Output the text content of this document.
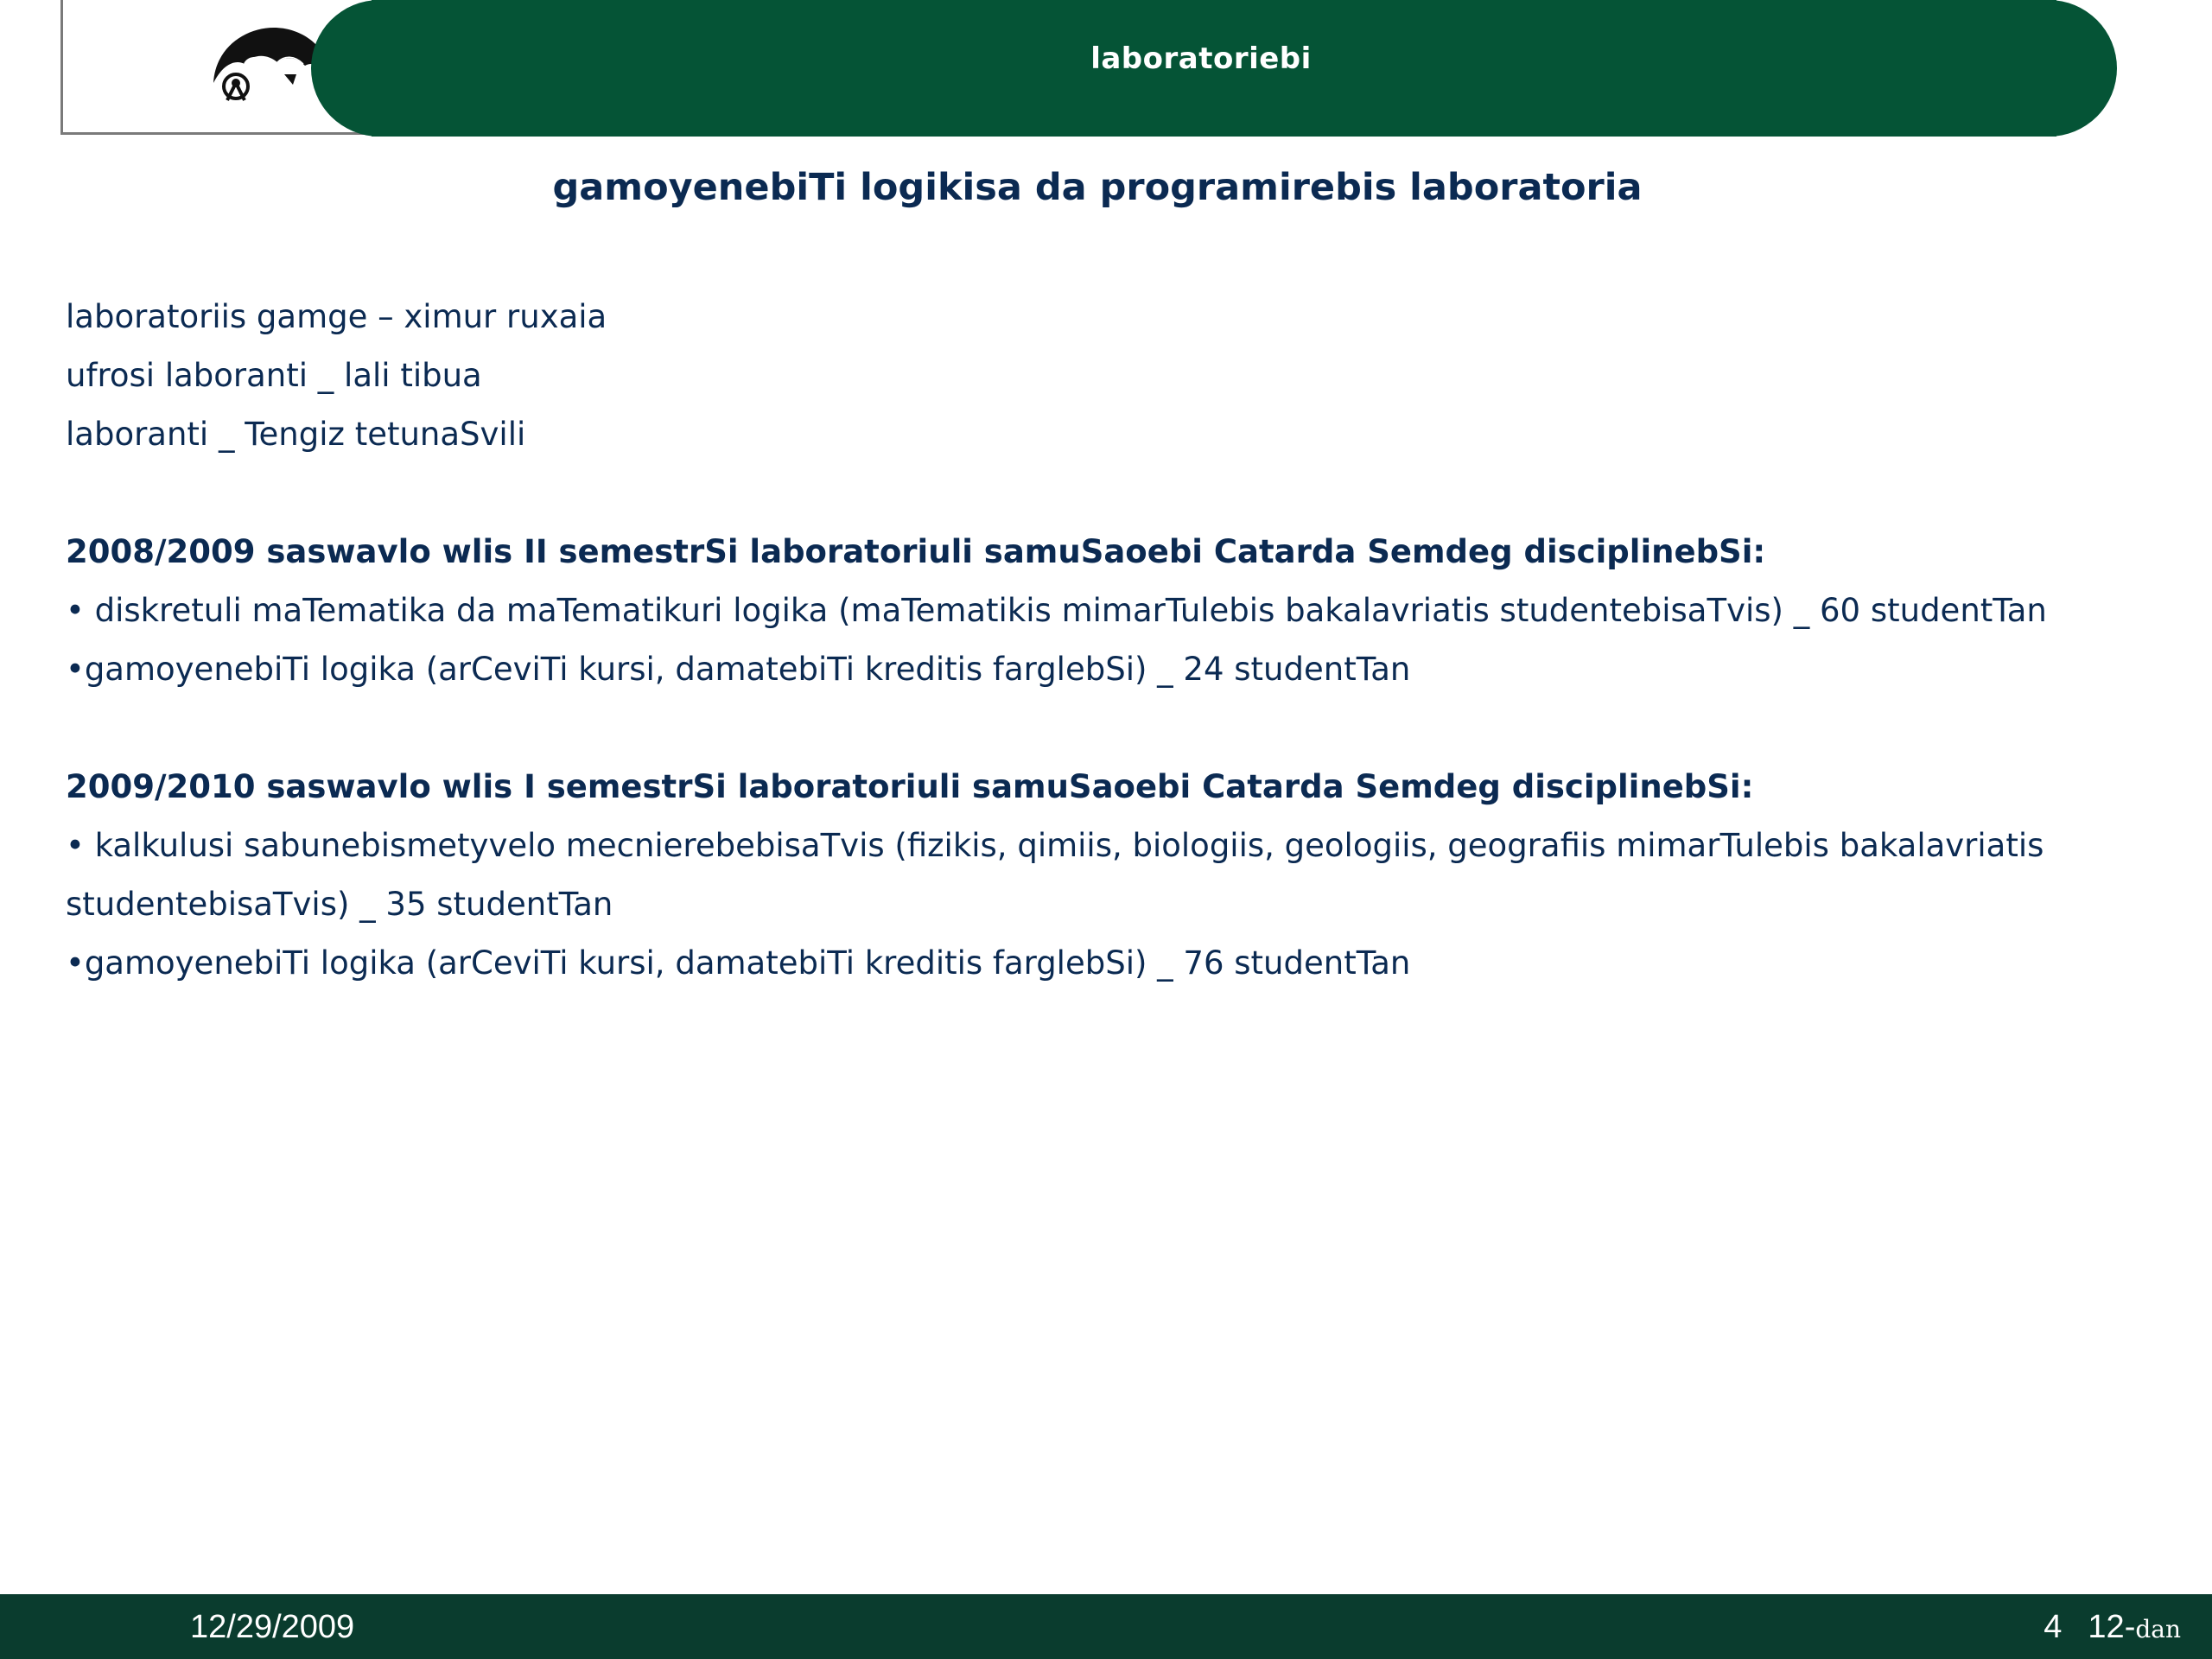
laboratoriebi
gamoyenebiTi logikisa da programirebis laboratoria
laboratoriis gamge – ximur ruxaia
ufrosi laboranti _ lali tibua
laboranti _ Tengiz tetunaSvili
2008/2009 saswavlo wlis II semestrSi laboratoriuli samuSaoebi Catarda Semdeg disciplinebSi:
• diskretuli maTematika da maTematikuri logika (maTematikis mimarTulebis bakalavriatis studentebisaTvis) _ 60 studentTan
•gamoyenebiTi logika (arCeviTi kursi, damatebiTi kreditis farglebSi) _ 24 studentTan
2009/2010 saswavlo wlis I semestrSi laboratoriuli samuSaoebi Catarda Semdeg disciplinebSi:
• kalkulusi sabunebismetyvelo mecnierebebisaTvis (fizikis, qimiis, biologiis, geologiis, geografiis mimarTulebis bakalavriatis
studentebisaTvis) _ 35 studentTan
•gamoyenebiTi logika (arCeviTi kursi, damatebiTi kreditis farglebSi) _ 76 studentTan
12/29/2009	4 12-dan
